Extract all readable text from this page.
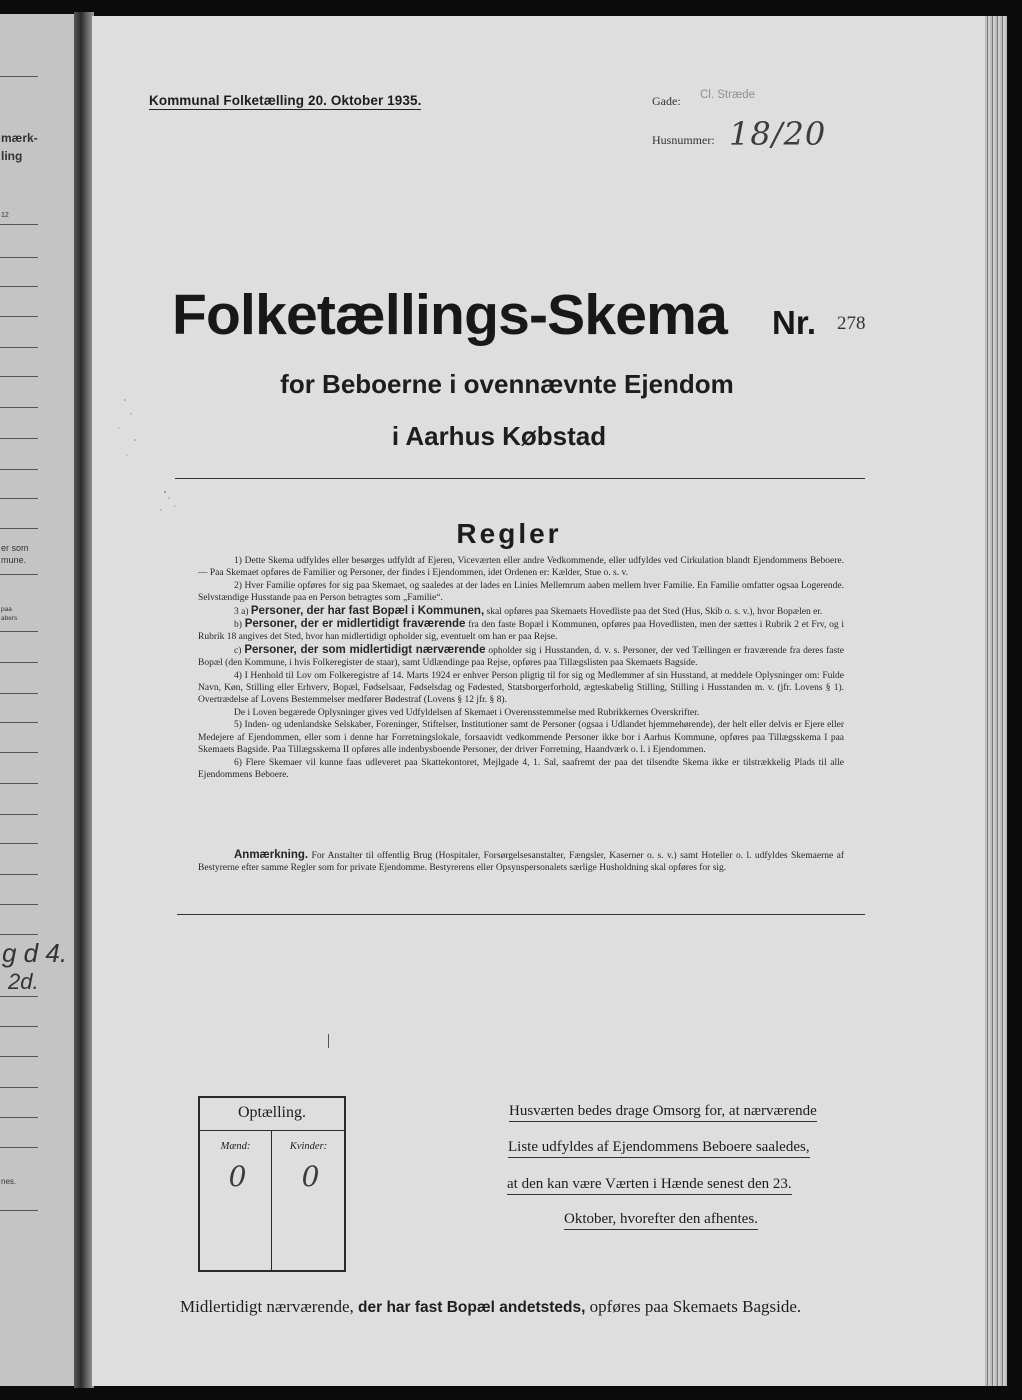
mærk-
ling
12
er som
mune.
paa
abers
g d 4.
2d.
nes.
Kommunal Folketælling 20. Oktober 1935.	Gade: Cl. Stræde
Husnummer: 18/20
Folketællings-Skema Nr. 278
for Beboerne i ovennævnte Ejendom
i Aarhus Købstad
Regler

1) Dette Skema udfyldes eller besørges udfyldt af Ejeren, Viceværten eller andre Vedkommende, eller udfyldes ved Cirkulation blandt Ejendommens Beboere. — Paa Skemaet opføres de Familier og Personer, der findes i Ejendommen, idet Ordenen er: Kælder, Stue o. s. v.

2) Hver Familie opføres for sig paa Skemaet, og saaledes at der lades en Linies Mellemrum aaben mellem hver Familie. En Familie omfatter ogsaa Logerende. Selvstændige Husstande paa en Person betragtes som „Familie“.

3 a) Personer, der har fast Bopæl i Kommunen, skal opføres paa Skemaets Hovedliste paa det Sted (Hus, Skib o. s. v.), hvor Bopælen er.

b) Personer, der er midlertidigt fraværende fra den faste Bopæl i Kommunen, opføres paa Hovedlisten, men der sættes i Rubrik 2 et Frv, og i Rubrik 18 angives det Sted, hvor han midlertidigt opholder sig, eventuelt om han er paa Rejse.

c) Personer, der som midlertidigt nærværende opholder sig i Husstanden, d. v. s. Personer, der ved Tællingen er fraværende fra deres faste Bopæl (den Kommune, i hvis Folkeregister de staar), samt Udlændinge paa Rejse, opføres paa Tillægslisten paa Skemaets Bagside.

4) I Henhold til Lov om Folkeregistre af 14. Marts 1924 er enhver Person pligtig til for sig og Medlemmer af sin Husstand, at meddele Oplysninger om: Fulde Navn, Køn, Stilling eller Erhverv, Bopæl, Fødselsaar, Fødselsdag og Fødested, Statsborgerforhold, ægteskabelig Stilling, Stilling i Husstanden m. v. (jfr. Lovens § 1). Overtrædelse af Lovens Bestemmelser medfører Bødestraf (Lovens § 12 jfr. § 8).

De i Loven begærede Oplysninger gives ved Udfyldelsen af Skemaet i Overensstemmelse med Rubrikkernes Overskrifter.

5) Inden- og udenlandske Selskaber, Foreninger, Stiftelser, Institutioner samt de Personer (ogsaa i Udlandet hjemmehørende), der helt eller delvis er Ejere eller Medejere af Ejendommen, eller som i denne har Forretningslokale, forsaavidt vedkommende Personer ikke bor i Aarhus Kommune, opføres paa Tillægsskema I paa Skemaets Bagside. Paa Tillægsskema II opføres alle indenbysboende Personer, der driver Forretning, Haandværk o. l. i Ejendommen.

6) Flere Skemaer vil kunne faas udleveret paa Skattekontoret, Mejlgade 4, 1. Sal, saafremt der paa det tilsendte Skema ikke er tilstrækkelig Plads til alle Ejendommens Beboere.

Anmærkning. For Anstalter til offentlig Brug (Hospitaler, Forsørgelsesanstalter, Fængsler, Kaserner o. s. v.) samt Hoteller o. l. udfyldes Skemaerne af Bestyrerne efter samme Regler som for private Ejendomme. Bestyrerens eller Opsynspersonalets særlige Husholdning skal opføres for sig.

Optælling.
Mænd:	Kvinder:
0	0
Husværten bedes drage Omsorg for, at nærværende
Liste udfyldes af Ejendommens Beboere saaledes,
at den kan være Værten i Hænde senest den 23.
Oktober, hvorefter den afhentes.
Midlertidigt nærværende, der har fast Bopæl andetsteds, opføres paa Skemaets Bagside.
